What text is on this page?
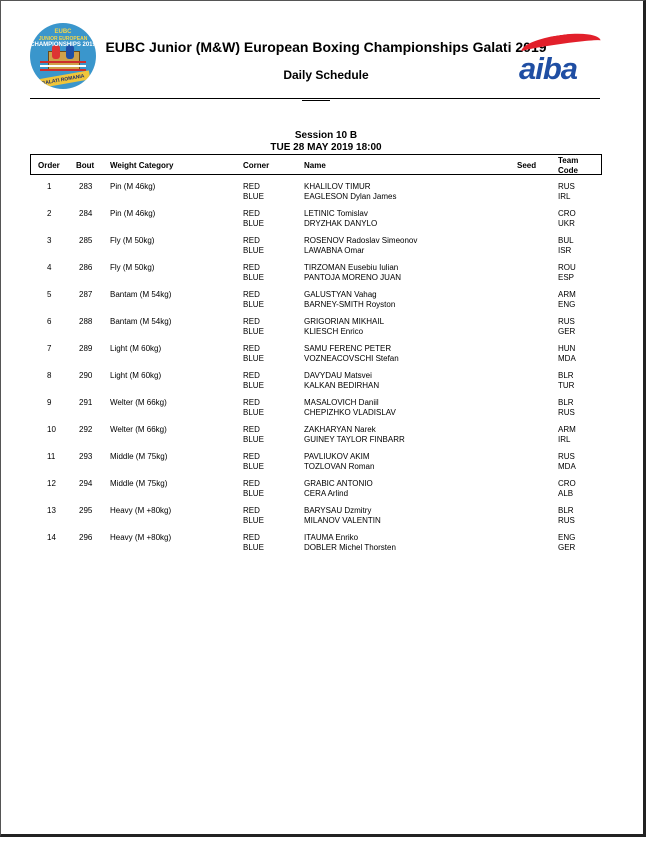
EUBC
JUNIOR EUROPEAN
CHAMPIONSHIPS 2019
GALATI ROMANIA
EUBC Junior (M&W) European Boxing Championships Galati 2019
Daily Schedule	aiba
Session 10 B
TUE 28 MAY 2019 18:00
Order Bout Weight Category	Corner	Name	Seed
Team
Code
1	283 Pin (M 46kg)	RED	KHALILOV TIMUR	RUS
BLUE	EAGLESON Dylan James	IRL
2	284 Pin (M 46kg)	RED	LETINIC Tomislav	CRO
BLUE	DRYZHAK DANYLO	UKR
3	285 Fly (M 50kg)	RED	ROSENOV Radoslav Simeonov	BUL
BLUE	LAWABNA Omar	ISR
4	286 Fly (M 50kg)	RED	TIRZOMAN Eusebiu Iulian	ROU
BLUE	PANTOJA MORENO JUAN	ESP
5	287 Bantam (M 54kg)	RED	GALUSTYAN Vahag	ARM
BLUE	BARNEY-SMITH Royston	ENG
6	288 Bantam (M 54kg)	RED	GRIGORIAN MIKHAIL	RUS
BLUE	KLIESCH Enrico	GER
7	289 Light (M 60kg)	RED	SAMU FERENC PETER	HUN
BLUE	VOZNEACOVSCHI Stefan	MDA
8	290 Light (M 60kg)	RED	DAVYDAU Matsvei	BLR
BLUE	KALKAN BEDIRHAN	TUR
9	291 Welter (M 66kg)	RED	MASALOVICH Daniil	BLR
BLUE	CHEPIZHKO VLADISLAV	RUS
10	292 Welter (M 66kg)	RED	ZAKHARYAN Narek	ARM
BLUE	GUINEY TAYLOR FINBARR	IRL
11	293 Middle (M 75kg)	RED	PAVLIUKOV AKIM	RUS
BLUE	TOZLOVAN Roman	MDA
12	294 Middle (M 75kg)	RED	GRABIC ANTONIO	CRO
BLUE	CERA Arlind	ALB
13	295 Heavy (M +80kg)	RED	BARYSAU Dzmitry	BLR
BLUE	MILANOV VALENTIN	RUS
14	296 Heavy (M +80kg)	RED	ITAUMA Enriko	ENG
BLUE	DOBLER Michel Thorsten	GER
